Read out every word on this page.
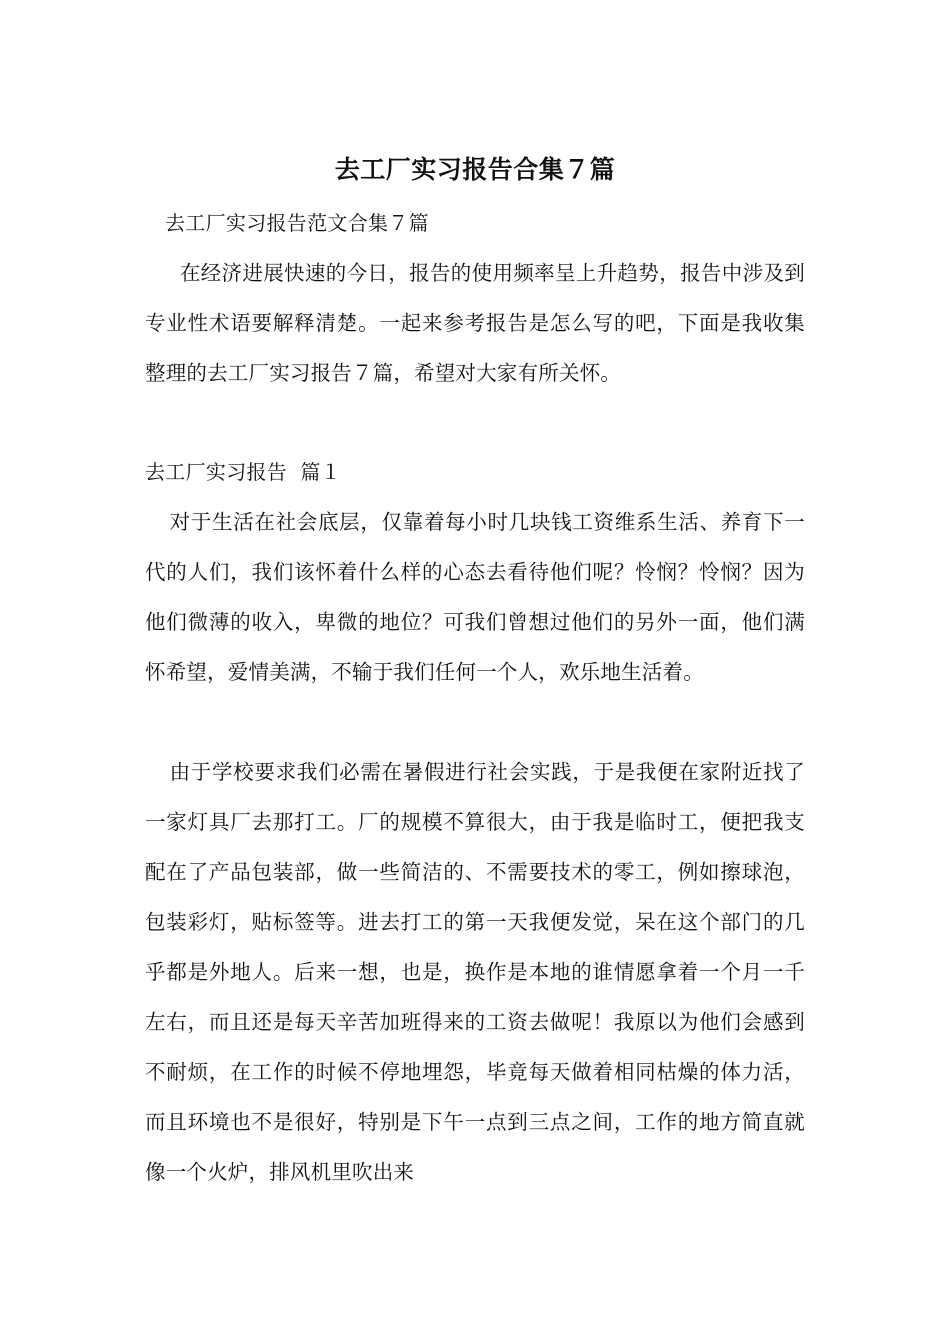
去工厂实习报告合集７篇
去工厂实习报告范文合集７篇
在经济进展快速的今日，报告的使用频率呈上升趋势，报告中涉及到专业性术语要解释清楚。一起来参考报告是怎么写的吧，下面是我收集整理的去工厂实习报告７篇，希望对大家有所关怀。
去工厂实习报告  篇１
对于生活在社会底层，仅靠着每小时几块钱工资维系生活、养育下一代的人们，我们该怀着什么样的心态去看待他们呢？怜悯？怜悯？因为他们微薄的收入，卑微的地位？可我们曾想过他们的另外一面，他们满怀希望，爱情美满，不输于我们任何一个人，欢乐地生活着。
由于学校要求我们必需在暑假进行社会实践，于是我便在家附近找了一家灯具厂去那打工。厂的规模不算很大，由于我是临时工，便把我支配在了产品包装部，做一些简洁的、不需要技术的零工，例如擦球泡，包装彩灯，贴标签等。进去打工的第一天我便发觉，呆在这个部门的几乎都是外地人。后来一想，也是，换作是本地的谁情愿拿着一个月一千左右，而且还是每天辛苦加班得来的工资去做呢！我原以为他们会感到不耐烦，在工作的时候不停地埋怨，毕竟每天做着相同枯燥的体力活，而且环境也不是很好，特别是下午一点到三点之间，工作的地方简直就像一个火炉，排风机里吹出来
